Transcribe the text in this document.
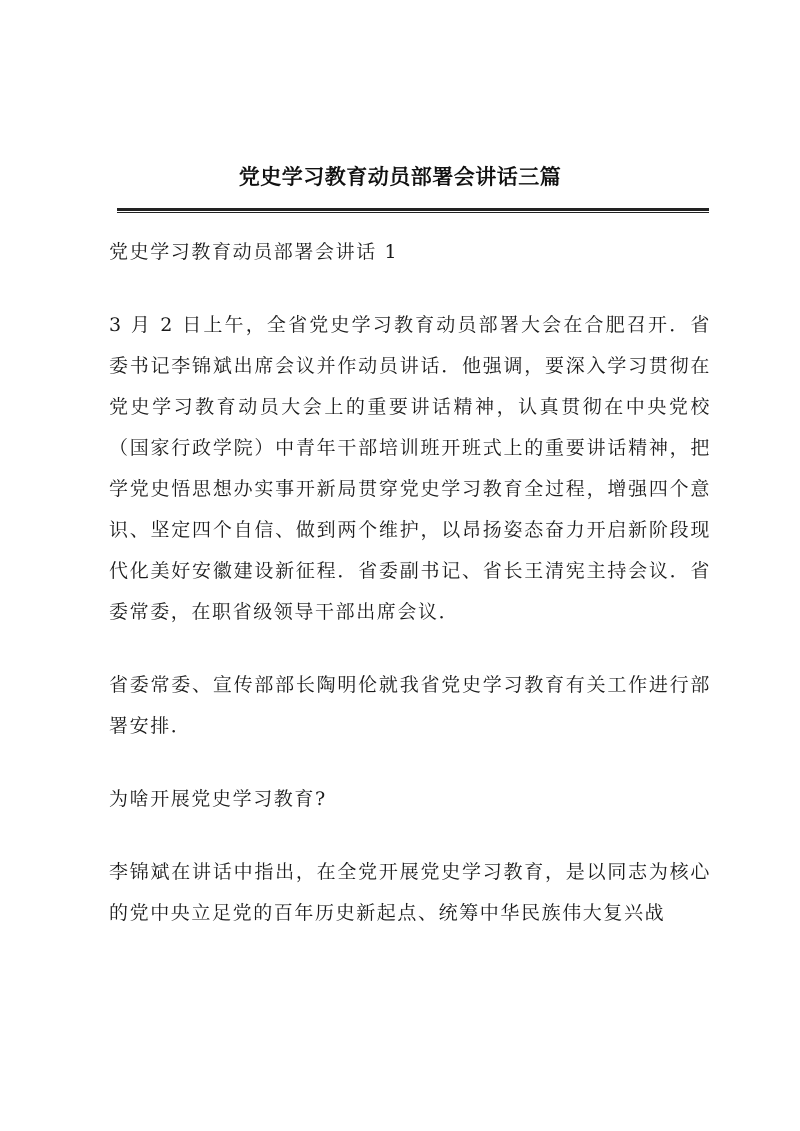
党史学习教育动员部署会讲话三篇

党史学习教育动员部署会讲话 1

3 月 2 日上午，全省党史学习教育动员部署大会在合肥召开．省委书记李锦斌出席会议并作动员讲话．他强调，要深入学习贯彻在党史学习教育动员大会上的重要讲话精神，认真贯彻在中央党校（国家行政学院）中青年干部培训班开班式上的重要讲话精神，把学党史悟思想办实事开新局贯穿党史学习教育全过程，增强四个意识、坚定四个自信、做到两个维护，以昂扬姿态奋力开启新阶段现代化美好安徽建设新征程．省委副书记、省长王清宪主持会议．省委常委，在职省级领导干部出席会议．

省委常委、宣传部部长陶明伦就我省党史学习教育有关工作进行部署安排．

为啥开展党史学习教育?

李锦斌在讲话中指出，在全党开展党史学习教育，是以同志为核心的党中央立足党的百年历史新起点、统筹中华民族伟大复兴战
